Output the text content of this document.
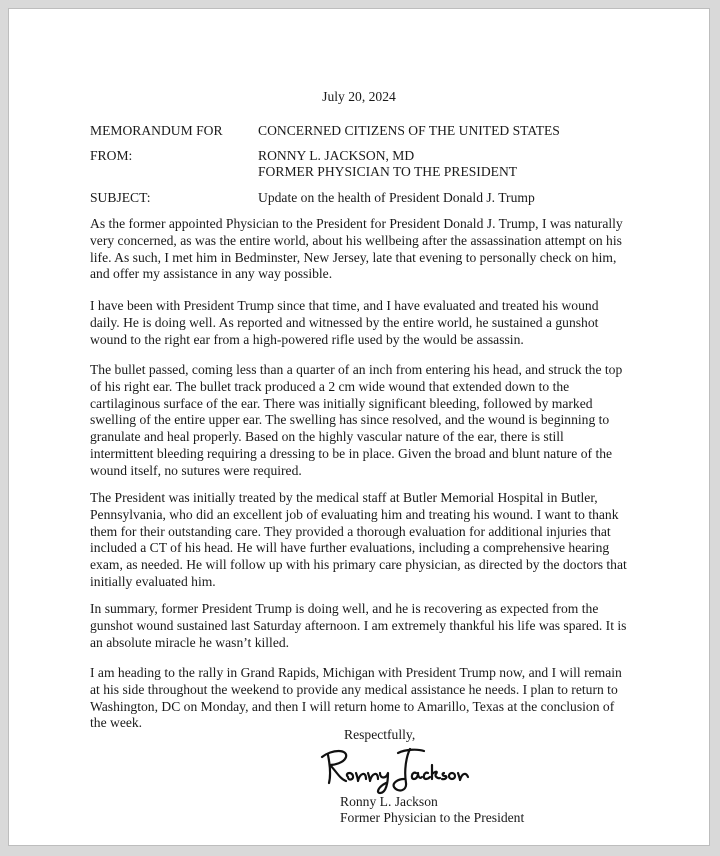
July 20, 2024
MEMORANDUM FOR	CONCERNED CITIZENS OF THE UNITED STATES
FROM:	RONNY L. JACKSON, MD
FORMER PHYSICIAN TO THE PRESIDENT
SUBJECT:	Update on the health of President Donald J. Trump

As the former appointed Physician to the President for President Donald J. Trump, I was naturally very concerned, as was the entire world, about his wellbeing after the assassination attempt on his life. As such, I met him in Bedminster, New Jersey, late that evening to personally check on him, and offer my assistance in any way possible.

I have been with President Trump since that time, and I have evaluated and treated his wound daily. He is doing well. As reported and witnessed by the entire world, he sustained a gunshot wound to the right ear from a high-powered rifle used by the would be assassin.

The bullet passed, coming less than a quarter of an inch from entering his head, and struck the top of his right ear. The bullet track produced a 2 cm wide wound that extended down to the cartilaginous surface of the ear. There was initially significant bleeding, followed by marked swelling of the entire upper ear. The swelling has since resolved, and the wound is beginning to granulate and heal properly. Based on the highly vascular nature of the ear, there is still intermittent bleeding requiring a dressing to be in place. Given the broad and blunt nature of the wound itself, no sutures were required.

The President was initially treated by the medical staff at Butler Memorial Hospital in Butler, Pennsylvania, who did an excellent job of evaluating him and treating his wound. I want to thank them for their outstanding care. They provided a thorough evaluation for additional injuries that included a CT of his head. He will have further evaluations, including a comprehensive hearing exam, as needed. He will follow up with his primary care physician, as directed by the doctors that initially evaluated him.

In summary, former President Trump is doing well, and he is recovering as expected from the gunshot wound sustained last Saturday afternoon. I am extremely thankful his life was spared. It is an absolute miracle he wasn’t killed.

I am heading to the rally in Grand Rapids, Michigan with President Trump now, and I will remain at his side throughout the weekend to provide any medical assistance he needs. I plan to return to Washington, DC on Monday, and then I will return home to Amarillo, Texas at the conclusion of the week.

Respectfully,
Ronny L. Jackson
Former Physician to the President
